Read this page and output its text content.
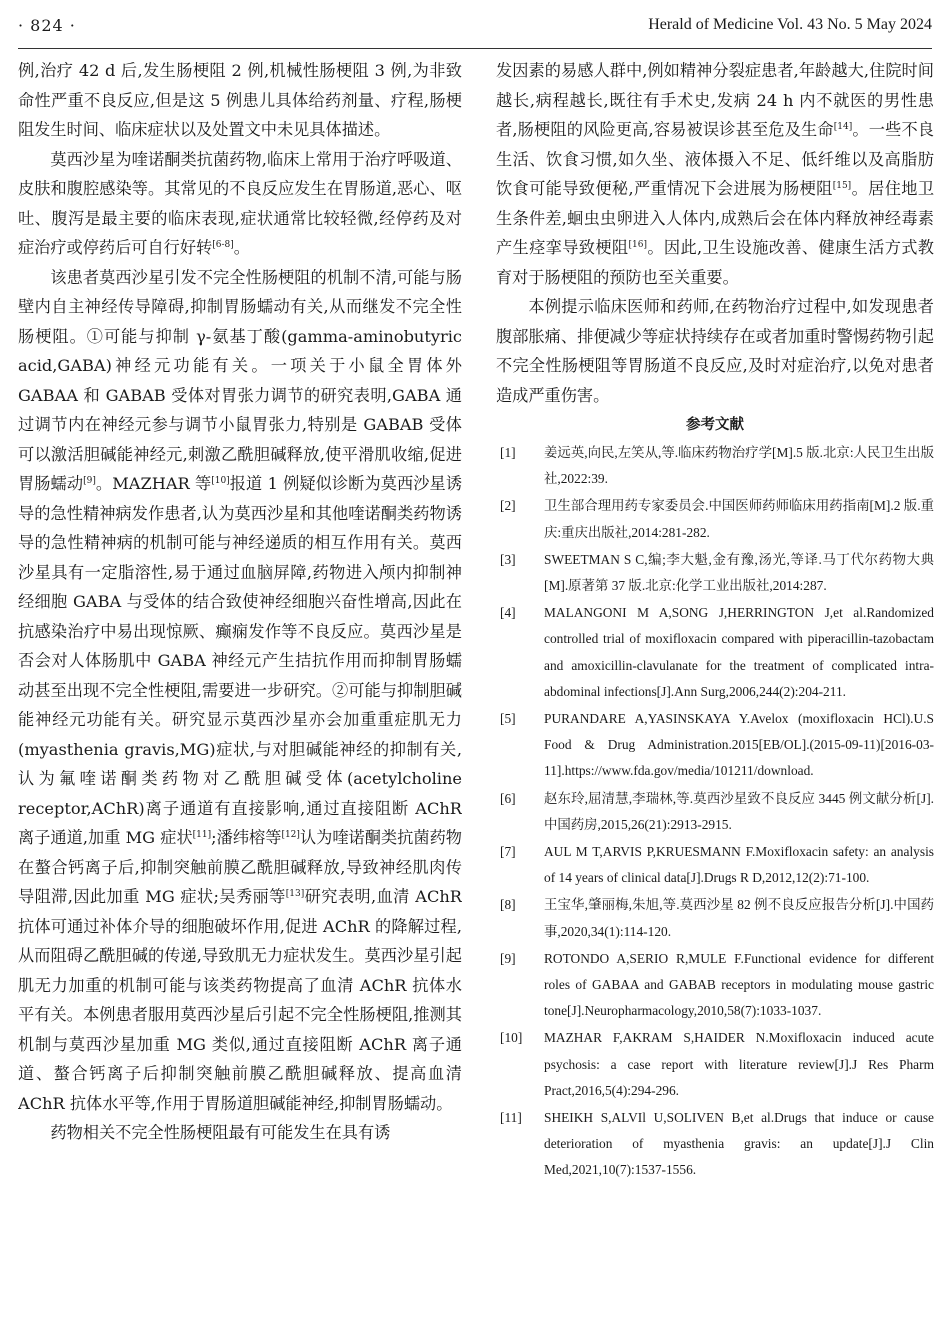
· 824 ·	Herald of Medicine Vol. 43 No. 5 May 2024

例,治疗 42 d 后,发生肠梗阻 2 例,机械性肠梗阻 3 例,为非致命性严重不良反应,但是这 5 例患儿具体给药剂量、疗程,肠梗阻发生时间、临床症状以及处置文中未见具体描述。

莫西沙星为喹诺酮类抗菌药物,临床上常用于治疗呼吸道、皮肤和腹腔感染等。其常见的不良反应发生在胃肠道,恶心、呕吐、腹泻是最主要的临床表现,症状通常比较轻微,经停药及对症治疗或停药后可自行好转[6-8]。

该患者莫西沙星引发不完全性肠梗阻的机制不清,可能与肠壁内自主神经传导障碍,抑制胃肠蠕动有关,从而继发不完全性肠梗阻。①可能与抑制 γ-氨基丁酸(gamma-aminobutyric acid,GABA)神经元功能有关。一项关于小鼠全胃体外 GABAA 和 GABAB 受体对胃张力调节的研究表明,GABA 通过调节内在神经元参与调节小鼠胃张力,特别是 GABAB 受体可以激活胆碱能神经元,刺激乙酰胆碱释放,使平滑肌收缩,促进胃肠蠕动[9]。MAZHAR 等[10]报道 1 例疑似诊断为莫西沙星诱导的急性精神病发作患者,认为莫西沙星和其他喹诺酮类药物诱导的急性精神病的机制可能与神经递质的相互作用有关。莫西沙星具有一定脂溶性,易于通过血脑屏障,药物进入颅内抑制神经细胞 GABA 与受体的结合致使神经细胞兴奋性增高,因此在抗感染治疗中易出现惊厥、癫痫发作等不良反应。莫西沙星是否会对人体肠肌中 GABA 神经元产生拮抗作用而抑制胃肠蠕动甚至出现不完全性梗阻,需要进一步研究。②可能与抑制胆碱能神经元功能有关。研究显示莫西沙星亦会加重重症肌无力(myasthenia gravis,MG)症状,与对胆碱能神经的抑制有关,认为氟喹诺酮类药物对乙酰胆碱受体(acetylcholine receptor,AChR)离子通道有直接影响,通过直接阻断 AChR 离子通道,加重 MG 症状[11];潘纬榕等[12]认为喹诺酮类抗菌药物在螯合钙离子后,抑制突触前膜乙酰胆碱释放,导致神经肌肉传导阻滞,因此加重 MG 症状;吴秀丽等[13]研究表明,血清 AChR 抗体可通过补体介导的细胞破坏作用,促进 AChR 的降解过程,从而阻碍乙酰胆碱的传递,导致肌无力症状发生。莫西沙星引起肌无力加重的机制可能与该类药物提高了血清 AChR 抗体水平有关。本例患者服用莫西沙星后引起不完全性肠梗阻,推测其机制与莫西沙星加重 MG 类似,通过直接阻断 AChR 离子通道、螯合钙离子后抑制突触前膜乙酰胆碱释放、提高血清 AChR 抗体水平等,作用于胃肠道胆碱能神经,抑制胃肠蠕动。

药物相关不完全性肠梗阻最有可能发生在具有诱

发因素的易感人群中,例如精神分裂症患者,年龄越大,住院时间越长,病程越长,既往有手术史,发病 24 h 内不就医的男性患者,肠梗阻的风险更高,容易被误诊甚至危及生命[14]。一些不良生活、饮食习惯,如久坐、液体摄入不足、低纤维以及高脂肪饮食可能导致便秘,严重情况下会进展为肠梗阻[15]。居住地卫生条件差,蛔虫虫卵进入人体内,成熟后会在体内释放神经毒素产生痉挛导致梗阻[16]。因此,卫生设施改善、健康生活方式教育对于肠梗阻的预防也至关重要。

本例提示临床医师和药师,在药物治疗过程中,如发现患者腹部胀痛、排便减少等症状持续存在或者加重时警惕药物引起不完全性肠梗阻等胃肠道不良反应,及时对症治疗,以免对患者造成严重伤害。

参考文献
[1] 姜远英,向民,左笑从,等.临床药物治疗学[M].5 版.北京:人民卫生出版社,2022:39.
[2] 卫生部合理用药专家委员会.中国医师药师临床用药指南[M].2 版.重庆:重庆出版社,2014:281-282.
[3] SWEETMAN S C,编;李大魁,金有豫,汤光,等译.马丁代尔药物大典[M].原著第 37 版.北京:化学工业出版社,2014:287.
[4] MALANGONI M A,SONG J,HERRINGTON J,et al.Randomized controlled trial of moxifloxacin compared with piperacillin-tazobactam and amoxicillin-clavulanate for the treatment of complicated intra-abdominal infections[J].Ann Surg,2006,244(2):204-211.
[5] PURANDARE A,YASINSKAYA Y.Avelox (moxifloxacin HCl).U.S Food & Drug Administration.2015[EB/OL].(2015-09-11)[2016-03-11].https://www.fda.gov/media/101211/download.
[6] 赵东玲,屈清慧,李瑞林,等.莫西沙星致不良反应 3445 例文献分析[J].中国药房,2015,26(21):2913-2915.
[7] AUL M T,ARVIS P,KRUESMANN F.Moxifloxacin safety: an analysis of 14 years of clinical data[J].Drugs R D,2012,12(2):71-100.
[8] 王宝华,肇丽梅,朱旭,等.莫西沙星 82 例不良反应报告分析[J].中国药事,2020,34(1):114-120.
[9] ROTONDO A,SERIO R,MULE F.Functional evidence for different roles of GABAA and GABAB receptors in modulating mouse gastric tone[J].Neuropharmacology,2010,58(7):1033-1037.
[10] MAZHAR F,AKRAM S,HAIDER N.Moxifloxacin induced acute psychosis: a case report with literature review[J].J Res Pharm Pract,2016,5(4):294-296.
[11] SHEIKH S,ALVIl U,SOLIVEN B,et al.Drugs that induce or cause deterioration of myasthenia gravis: an update[J].J Clin Med,2021,10(7):1537-1556.
